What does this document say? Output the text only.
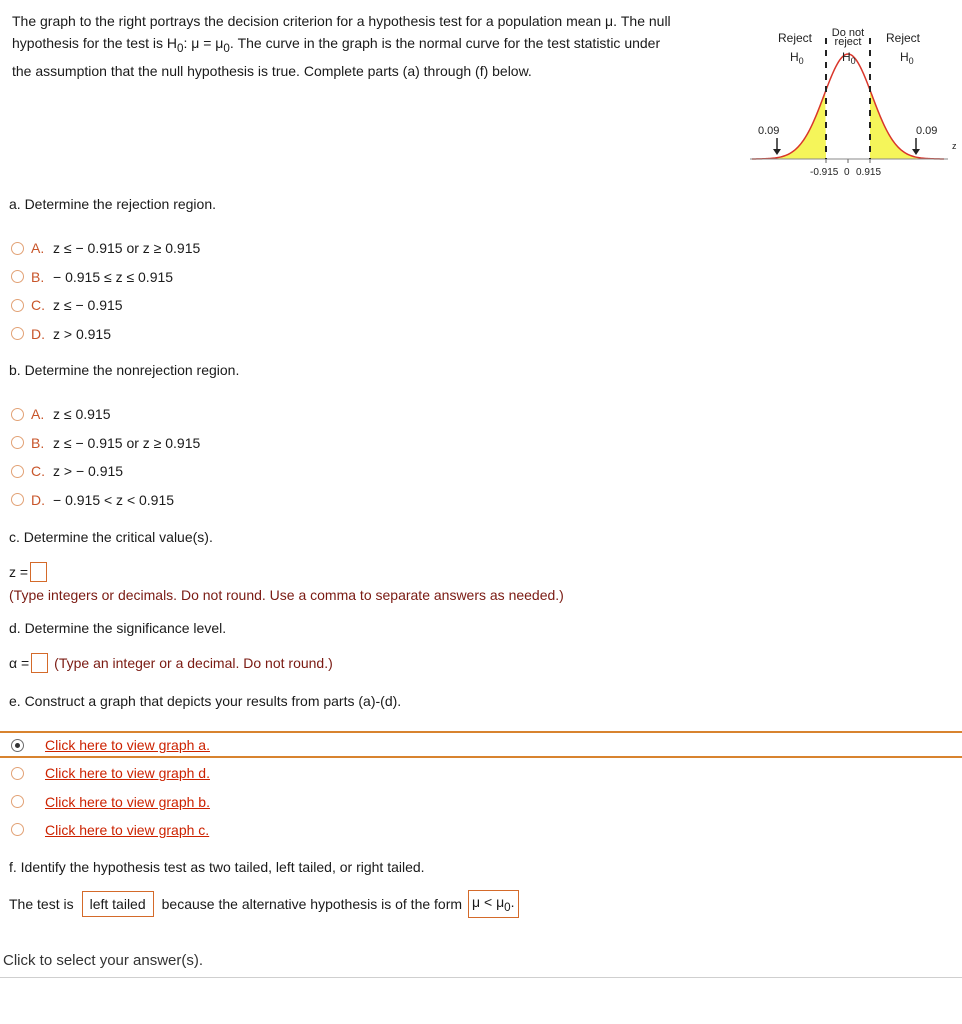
The graph to the right portrays the decision criterion for a hypothesis test for a population mean μ. The null
hypothesis for the test is $H_0$: $\mu = \mu_0$. The curve in the graph is the normal curve for the test statistic under
the assumption that the null hypothesis is true. Complete parts (a) through (f) below.
Reject
$H_0$
Do not
reject
$H_0$
Reject
$H_0$
0.09	0.09
-0.915 0 0.915
z
a. Determine the rejection region.
A. z ≤ − 0.915 or z ≥ 0.915
B. − 0.915 ≤ z ≤ 0.915
C. z ≤ − 0.915
D. z > 0.915
b. Determine the nonrejection region.
A. z ≤ 0.915
B. z ≤ − 0.915 or z ≥ 0.915
C. z > − 0.915
D. − 0.915 < z < 0.915
c. Determine the critical value(s).
z =
(Type integers or decimals. Do not round. Use a comma to separate answers as needed.)
d. Determine the significance level.
α = (Type an integer or a decimal. Do not round.)
e. Construct a graph that depicts your results from parts (a)-(d).
Click here to view graph a.
Click here to view graph d.
Click here to view graph b.
Click here to view graph c.
f. Identify the hypothesis test as two tailed, left tailed, or right tailed.
The test is	left tailed	because the alternative hypothesis is of the form $\mu < \mu_0$.
Click to select your answer(s).
